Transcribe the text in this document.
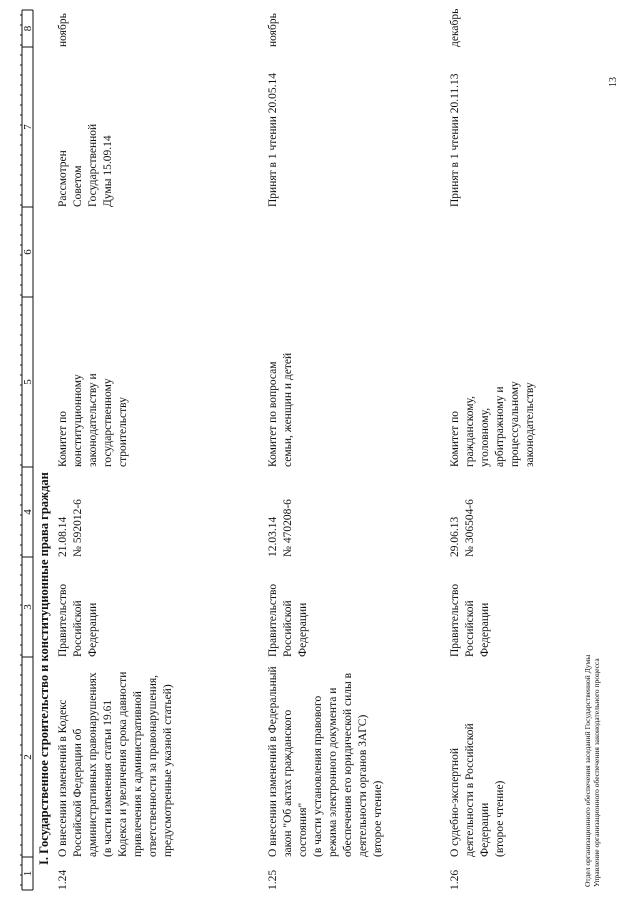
1
2
3
4
5
6
7
8
I. Государственное строительство и конституционные права граждан
1.24
О внесении изменений в Кодекс Российской Федерации об административных правонарушениях
(в части изменения статьи 19.61 Кодекса и увеличения срока давности привлечения к административной ответственности за правонарушения, предусмотренные указной статьей)
Правительство Российской Федерации
21.08.14
№ 592012-6
Комитет по конституционному законодательству и государственному строительству
Рассмотрен Советом Государственной Думы 15.09.14
ноябрь
1.25
О внесении изменений в Федеральный закон "Об актах гражданского состояния"
(в части установления правового режима электронного документа и обеспечения его юридической силы в деятельности органов ЗАГС)
(второе чтение)
Правительство Российской Федерации
12.03.14
№ 470208-6
Комитет по вопросам семьи, женщин и детей
Принят в 1 чтении 20.05.14
ноябрь
1.26
О судебно-экспертной деятельности в Российской Федерации
(второе чтение)
Правительство Российской Федерации
29.06.13
№ 306504-6
Комитет по гражданскому, уголовному, арбитражному и процессуальному законодательству
Принят в 1 чтении 20.11.13
декабрь
Отдел организационного обеспечения заседаний Государственной Думы Управление организационного обеспечения законодательного процесса
13
